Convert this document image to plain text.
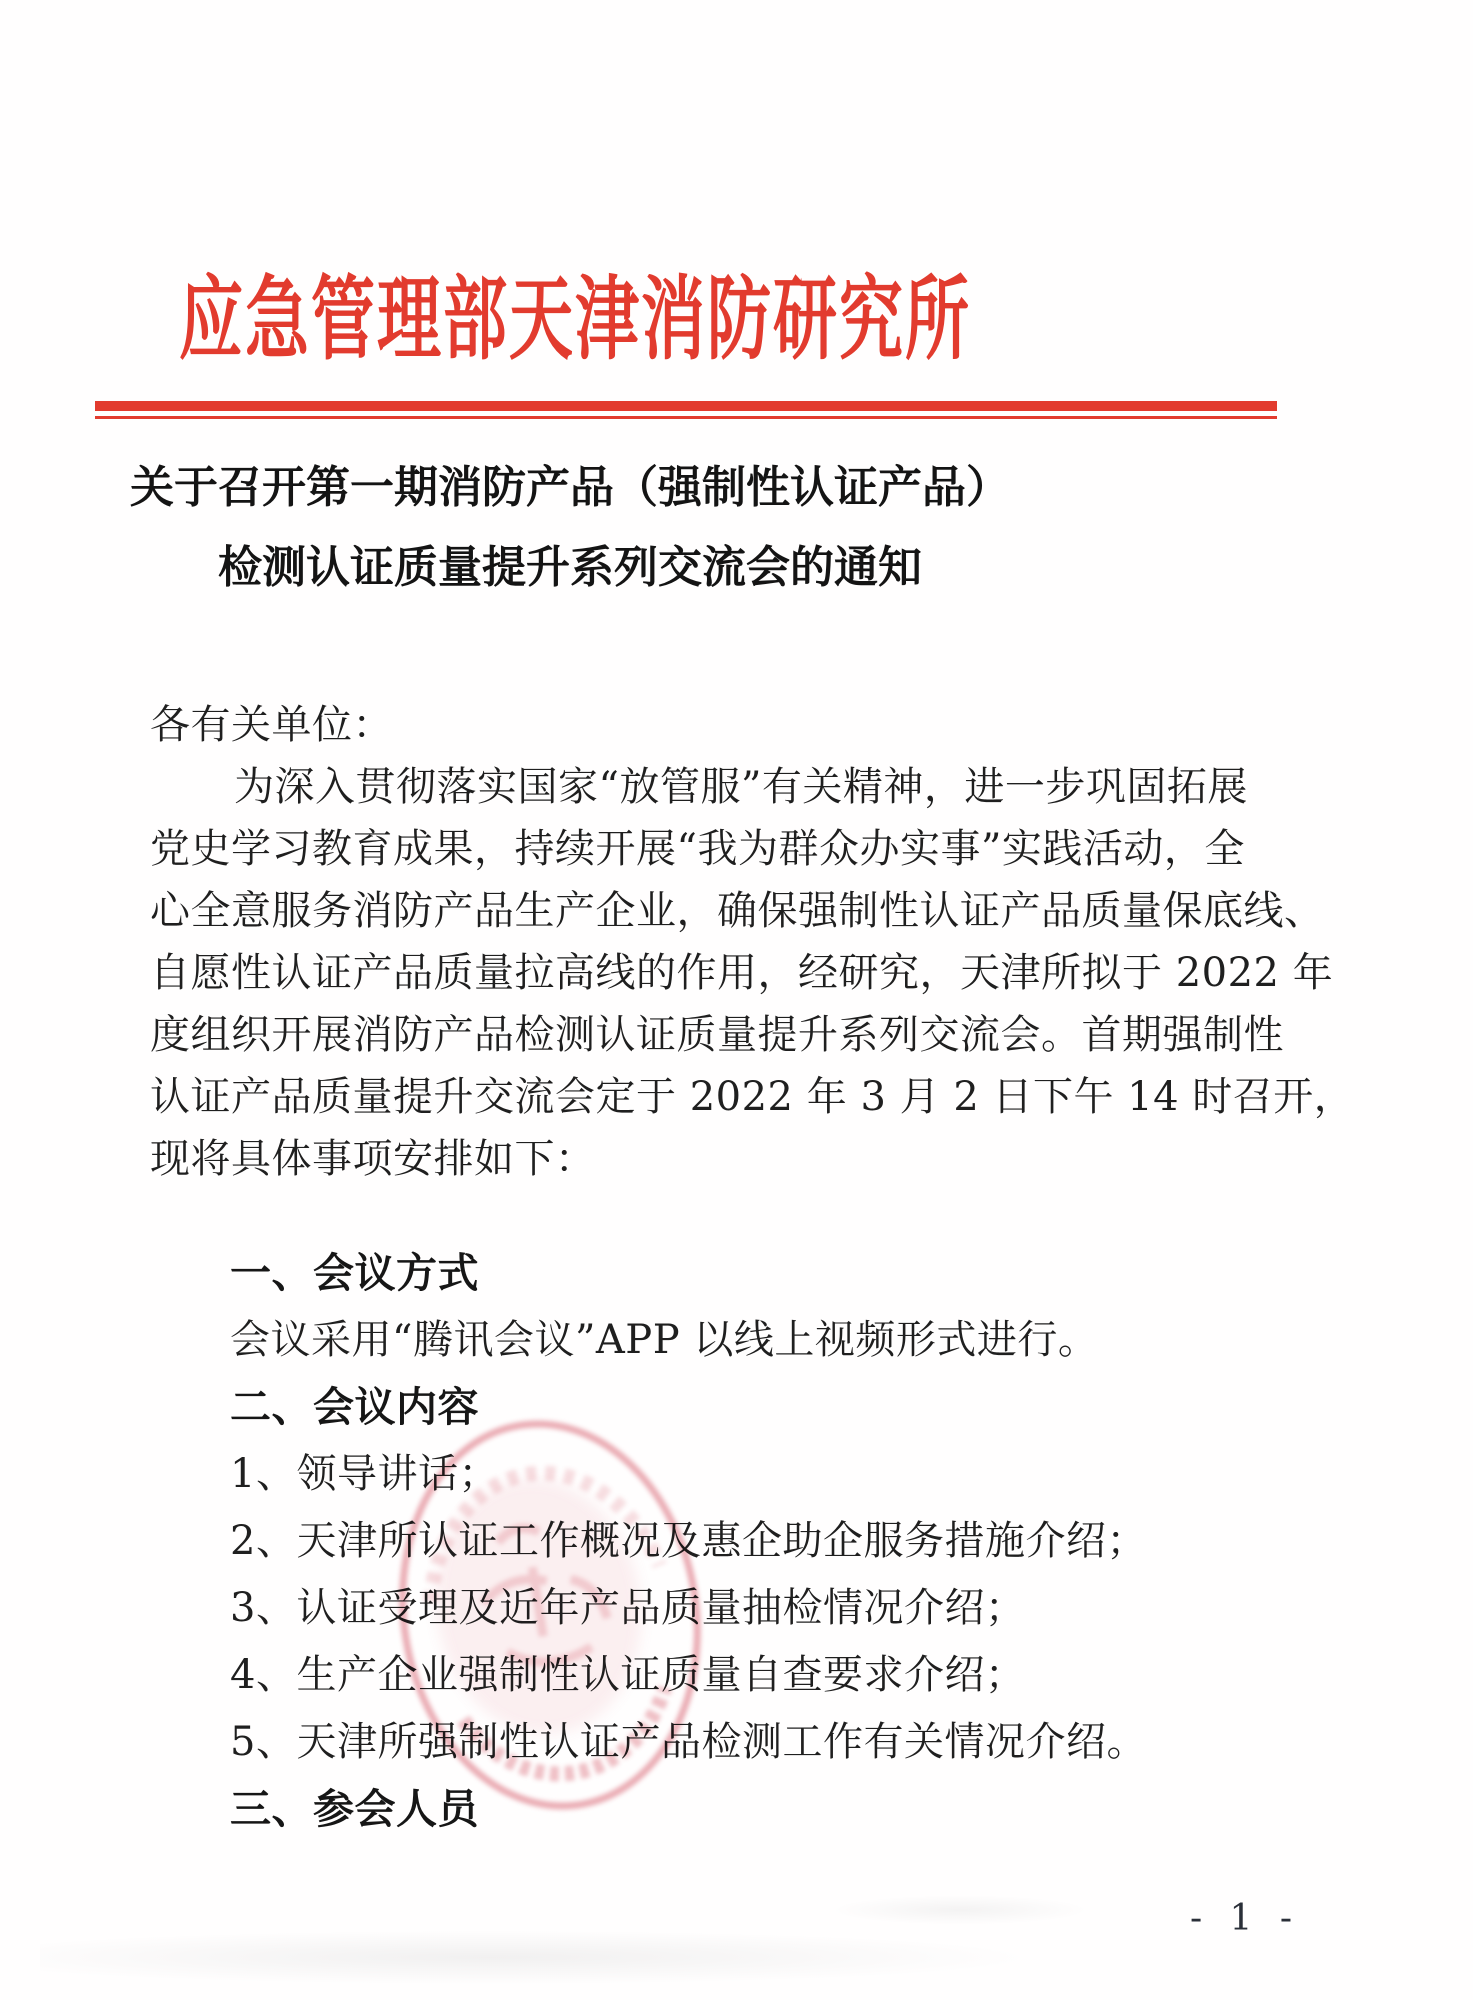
应急管理部天津消防研究所
关于召开第一期消防产品（强制性认证产品）
检测认证质量提升系列交流会的通知
各有关单位：
为深入贯彻落实国家“放管服”有关精神，进一步巩固拓展
党史学习教育成果，持续开展“我为群众办实事”实践活动，全
心全意服务消防产品生产企业，确保强制性认证产品质量保底线、
自愿性认证产品质量拉高线的作用，经研究，天津所拟于 2022 年
度组织开展消防产品检测认证质量提升系列交流会。首期强制性
认证产品质量提升交流会定于 2022 年 3 月 2 日下午 14 时召开，
现将具体事项安排如下：
一、会议方式
会议采用“腾讯会议”APP 以线上视频形式进行。
二、会议内容
1、领导讲话；
2、天津所认证工作概况及惠企助企服务措施介绍；
3、认证受理及近年产品质量抽检情况介绍；
4、生产企业强制性认证质量自查要求介绍；
5、天津所强制性认证产品检测工作有关情况介绍。
三、参会人员
- 1 -
